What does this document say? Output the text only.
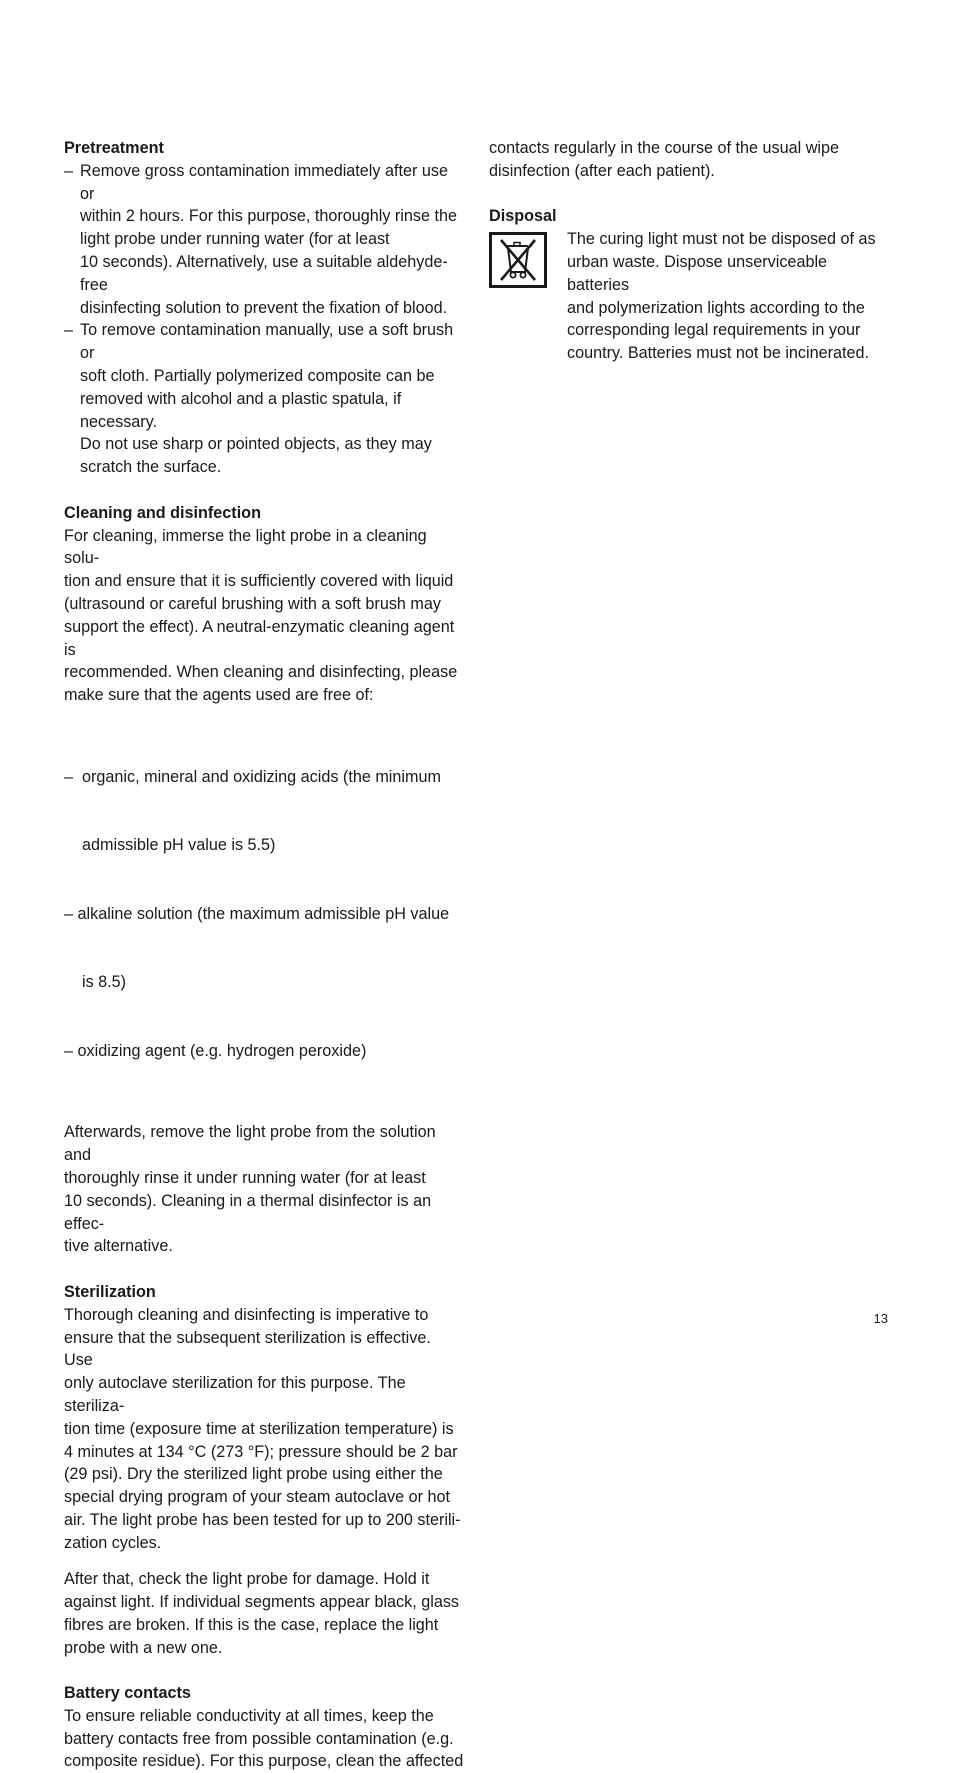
Pretreatment

– Remove gross contamination immediately after use or
within 2 hours. For this purpose, thoroughly rinse the
light probe under running water (for at least
10 seconds). Alternatively, use a suitable aldehyde-free
disinfecting solution to prevent the fixation of blood.
– To remove contamination manually, use a soft brush or
soft cloth. Partially polymerized composite can be
removed with alcohol and a plastic spatula, if necessary.
Do not use sharp or pointed objects, as they may
scratch the surface.

Cleaning and disinfection

For cleaning, immerse the light probe in a cleaning solu-
tion and ensure that it is sufficiently covered with liquid
(ultrasound or careful brushing with a soft brush may
support the effect). A neutral-enzymatic cleaning agent is
recommended. When cleaning and disinfecting, please
make sure that the agents used are free of:

–  organic, mineral and oxidizing acids (the minimum

admissible pH value is 5.5)

– alkaline solution (the maximum admissible pH value

is 8.5)

– oxidizing agent (e.g. hydrogen peroxide)

Afterwards, remove the light probe from the solution and
thoroughly rinse it under running water (for at least
10 seconds). Cleaning in a thermal disinfector is an effec-
tive alternative.

Sterilization

Thorough cleaning and disinfecting is imperative to
ensure that the subsequent sterilization is effective. Use
only autoclave sterilization for this purpose. The steriliza-
tion time (exposure time at sterilization temperature) is
4 minutes at 134 °C (273 °F); pressure should be 2 bar
(29 psi). Dry the sterilized light probe using either the
special drying program of your steam autoclave or hot
air. The light probe has been tested for up to 200 sterili-
zation cycles.
After that, check the light probe for damage. Hold it
against light. If individual segments appear black, glass
fibres are broken. If this is the case, replace the light
probe with a new one.

Battery contacts

To ensure reliable conductivity at all times, keep the
battery contacts free from possible contamination (e.g.
composite residue). For this purpose, clean the affected
contacts regularly in the course of the usual wipe
disinfection (after each patient).

Disposal

The curing light must not be disposed of as
urban waste. Dispose unserviceable batteries
and polymerization lights according to the
corresponding legal requirements in your
country. Batteries must not be incinerated.
13
